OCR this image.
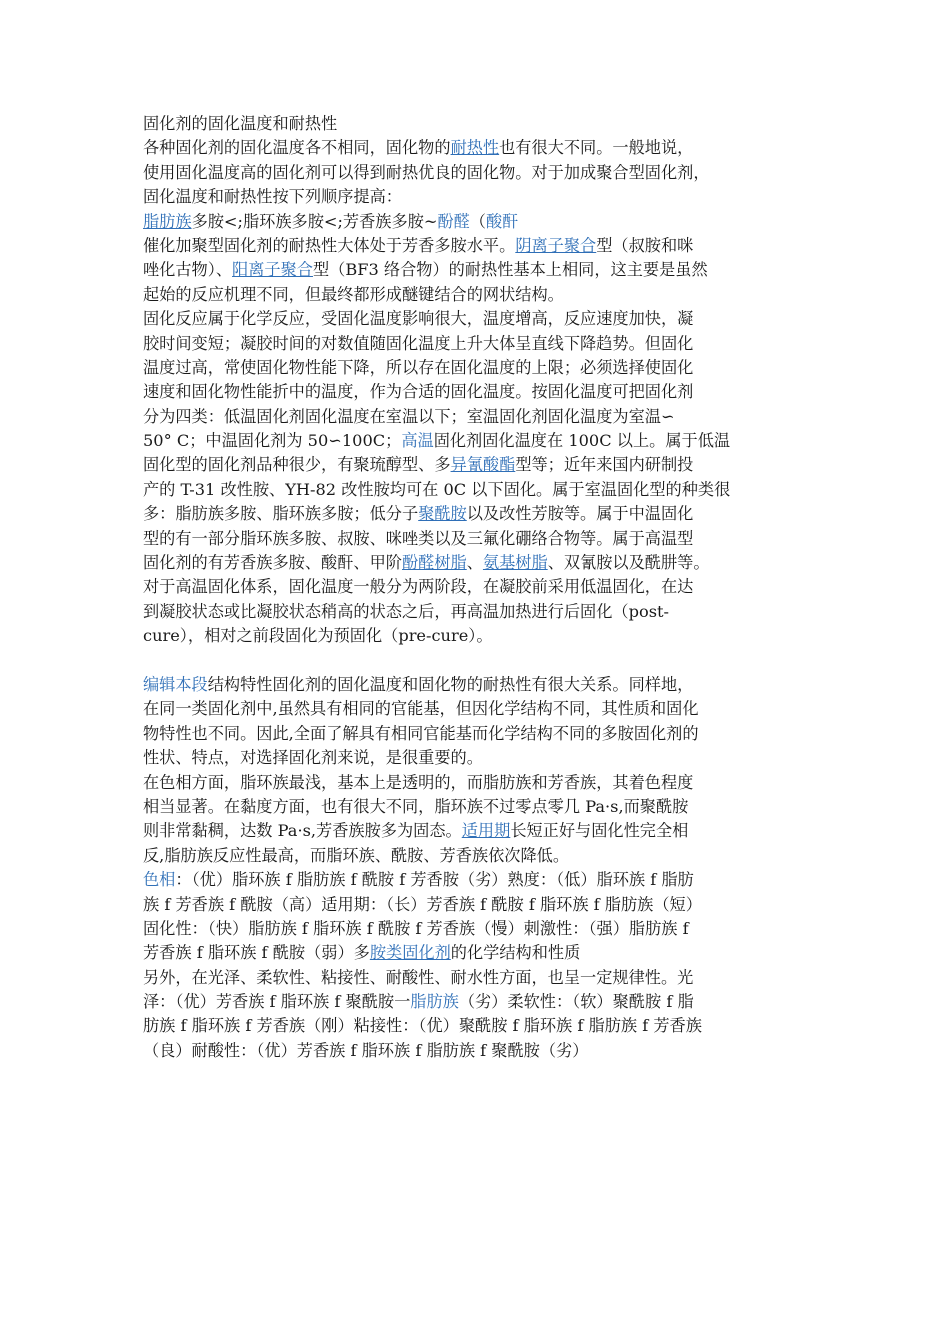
固化剂的固化温度和耐热性
各种固化剂的固化温度各不相同，固化物的耐热性也有很大不同。一般地说，
使用固化温度高的固化剂可以得到耐热优良的固化物。对于加成聚合型固化剂，
固化温度和耐热性按下列顺序提高：
脂肪族多胺<;脂环族多胺<;芳香族多胺~酚醛（酸酐
催化加聚型固化剂的耐热性大体处于芳香多胺水平。阴离子聚合型（叔胺和咪
唑化古物）、阳离子聚合型（BF3 络合物）的耐热性基本上相同，这主要是虽然
起始的反应机理不同，但最终都形成醚键结合的网状结构。
固化反应属于化学反应，受固化温度影响很大，温度增高，反应速度加快，凝
胶时间变短；凝胶时间的对数值随固化温度上升大体呈直线下降趋势。但固化
温度过高，常使固化物性能下降，所以存在固化温度的上限；必须选择使固化
速度和固化物性能折中的温度，作为合适的固化温度。按固化温度可把固化剂
分为四类：低温固化剂固化温度在室温以下；室温固化剂固化温度为室温∽
50° C；中温固化剂为 50∽100C；高温固化剂固化温度在 100C 以上。属于低温
固化型的固化剂品种很少，有聚琉醇型、多异氰酸酯型等；近年来国内研制投
产的 T-31 改性胺、YH-82 改性胺均可在 0C 以下固化。属于室温固化型的种类很
多：脂肪族多胺、脂环族多胺；低分子聚酰胺以及改性芳胺等。属于中温固化
型的有一部分脂环族多胺、叔胺、咪唑类以及三氟化硼络合物等。属于高温型
固化剂的有芳香族多胺、酸酐、甲阶酚醛树脂、氨基树脂、双氰胺以及酰肼等。
对于高温固化体系，固化温度一般分为两阶段，在凝胶前采用低温固化，在达
到凝胶状态或比凝胶状态稍高的状态之后，再高温加热进行后固化（post-
cure），相对之前段固化为预固化（pre-cure）。
编辑本段结构特性固化剂的固化温度和固化物的耐热性有很大关系。同样地，
在同一类固化剂中,虽然具有相同的官能基，但因化学结构不同，其性质和固化
物特性也不同。因此,全面了解具有相同官能基而化学结构不同的多胺固化剂的
性状、特点，对选择固化剂来说，是很重要的。
在色相方面，脂环族最浅，基本上是透明的，而脂肪族和芳香族，其着色程度
相当显著。在黏度方面，也有很大不同，脂环族不过零点零几 Pa·s,而聚酰胺
则非常黏稠，达数 Pa·s,芳香族胺多为固态。适用期长短正好与固化性完全相
反,脂肪族反应性最高，而脂环族、酰胺、芳香族依次降低。
色相：（优）脂环族 f 脂肪族 f 酰胺 f 芳香胺（劣）熟度：（低）脂环族 f 脂肪
族 f 芳香族 f 酰胺（高）适用期：（长）芳香族 f 酰胺 f 脂环族 f 脂肪族（短）
固化性：（快）脂肪族 f 脂环族 f 酰胺 f 芳香族（慢）刺激性：（强）脂肪族 f
芳香族 f 脂环族 f 酰胺（弱）多胺类固化剂的化学结构和性质
另外，在光泽、柔软性、粘接性、耐酸性、耐水性方面，也呈一定规律性。光
泽：（优）芳香族 f 脂环族 f 聚酰胺一脂肪族（劣）柔软性：（软）聚酰胺 f 脂
肪族 f 脂环族 f 芳香族（刚）粘接性：（优）聚酰胺 f 脂环族 f 脂肪族 f 芳香族
（良）耐酸性：（优）芳香族 f 脂环族 f 脂肪族 f 聚酰胺（劣）
